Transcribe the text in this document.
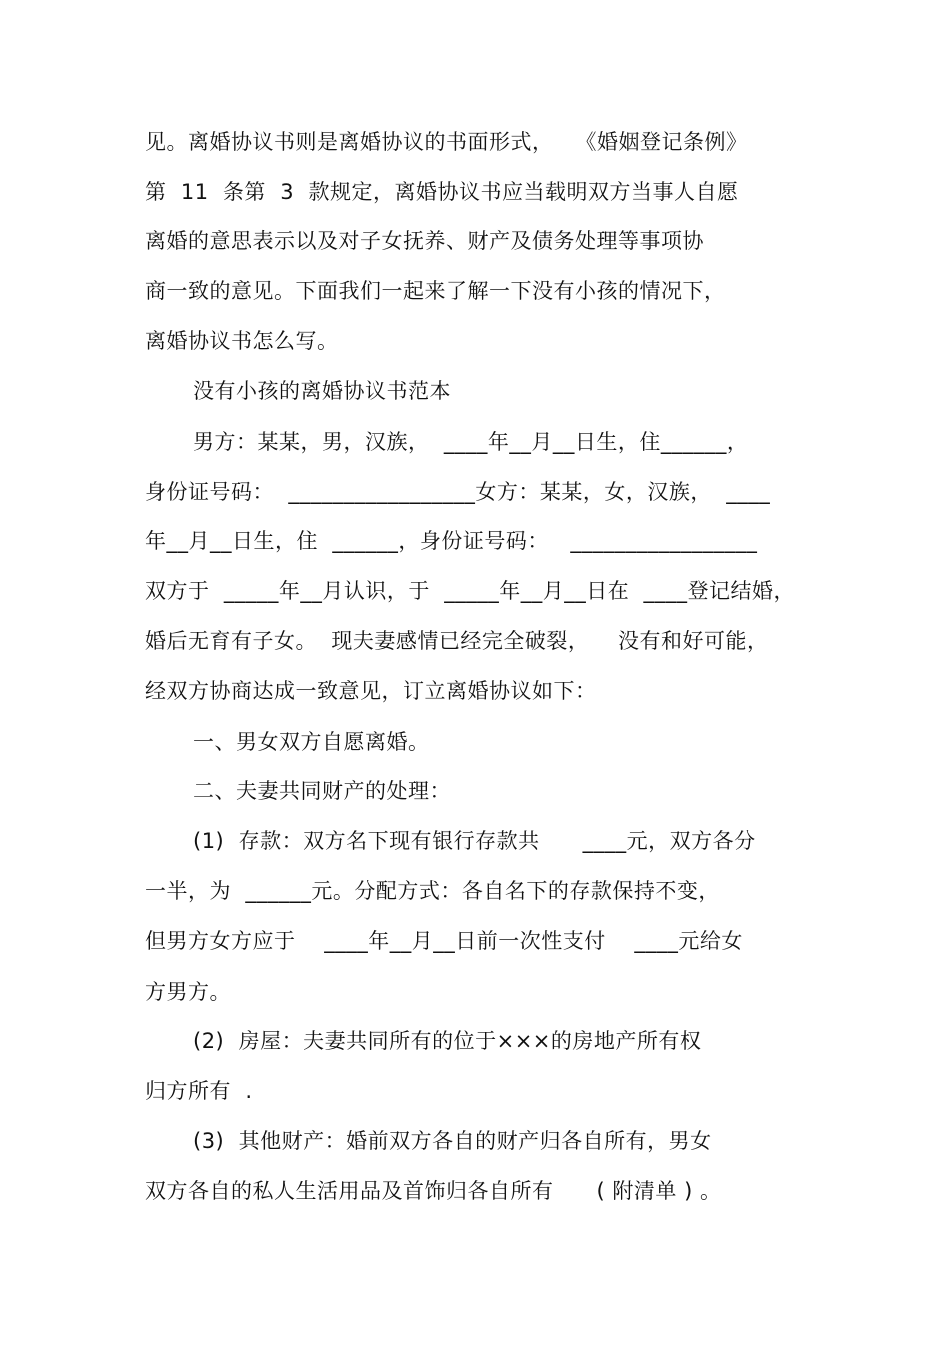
见。离婚协议书则是离婚协议的书面形式，　　《婚姻登记条例》
第  11  条第  3  款规定，离婚协议书应当载明双方当事人自愿
离婚的意思表示以及对子女抚养、财产及债务处理等事项协
商一致的意见。下面我们一起来了解一下没有小孩的情况下，
离婚协议书怎么写。
没有小孩的离婚协议书范本
男方：某某，男，汉族，  ____年__月__日生，住______，
身份证号码：  _________________女方：某某，女，汉族，  ____
年__月__日生，住  ______，身份证号码：   _________________
双方于  _____年__月认识，于  _____年__月__日在  ____登记结婚，
婚后无育有子女。  现夫妻感情已经完全破裂，    没有和好可能，
经双方协商达成一致意见，订立离婚协议如下：
一、男女双方自愿离婚。
二、夫妻共同财产的处理：
(1)  存款：双方名下现有银行存款共      ____元，双方各分
一半，为  ______元。分配方式：各自名下的存款保持不变，
但男方女方应于    ____年__月__日前一次性支付    ____元给女
方男方。
(2)  房屋：夫妻共同所有的位于×××的房地产所有权
归方所有  .
(3)  其他财产：婚前双方各自的财产归各自所有，男女
双方各自的私人生活用品及首饰归各自所有      ( 附清单 ) 。
